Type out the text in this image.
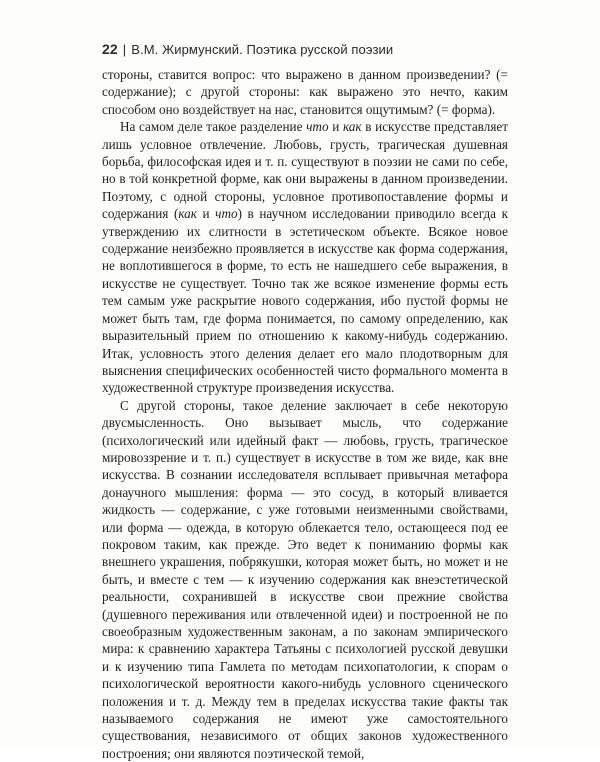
22 | В.М. Жирмунский. Поэтика русской поэзии

стороны, ставится вопрос: что выражено в данном произведении? (= содержание); с другой стороны: как выражено это нечто, каким способом оно воздействует на нас, становится ощутимым? (= форма).

На самом деле такое разделение что и как в искусстве представляет лишь условное отвлечение. Любовь, грусть, трагическая душевная борьба, философская идея и т. п. существуют в поэзии не сами по себе, но в той конкретной форме, как они выражены в данном произведении. Поэтому, с одной стороны, условное противопоставление формы и содержания (как и что) в научном исследовании приводило всегда к утверждению их слитности в эстетическом объекте. Всякое новое содержание неизбежно проявляется в искусстве как форма содержания, не воплотившегося в форме, то есть не нашедшего себе выражения, в искусстве не существует. Точно так же всякое изменение формы есть тем самым уже раскрытие нового содержания, ибо пустой формы не может быть там, где форма понимается, по самому определению, как выразительный прием по отношению к какому-нибудь содержанию. Итак, условность этого деления делает его мало плодотворным для выяснения специфических особенностей чисто формального момента в художественной структуре произведения искусства.

С другой стороны, такое деление заключает в себе некоторую двусмысленность. Оно вызывает мысль, что содержание (психологический или идейный факт — любовь, грусть, трагическое мировоззрение и т. п.) существует в искусстве в том же виде, как вне искусства. В сознании исследователя всплывает привычная метафора донаучного мышления: форма — это сосуд, в который вливается жидкость — содержание, с уже готовыми неизменными свойствами, или форма — одежда, в которую облекается тело, остающееся под ее покровом таким, как прежде. Это ведет к пониманию формы как внешнего украшения, побрякушки, которая может быть, но может и не быть, и вместе с тем — к изучению содержания как внеэстетической реальности, сохранившей в искусстве свои прежние свойства (душевного переживания или отвлеченной идеи) и построенной не по своеобразным художественным законам, а по законам эмпирического мира: к сравнению характера Татьяны с психологией русской девушки и к изучению типа Гамлета по методам психопатологии, к спорам о психологической вероятности какого-нибудь условного сценического положения и т. д. Между тем в пределах искусства такие факты так называемого содержания не имеют уже самостоятельного существования, независимого от общих законов художественного построения; они являются поэтической темой,
